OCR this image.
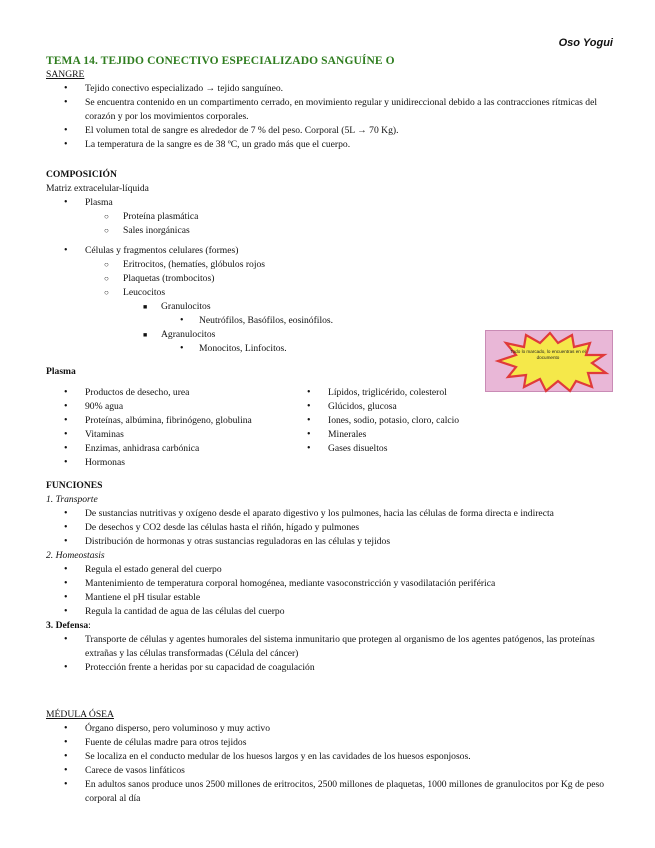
Oso Yogui
TEMA 14. TEJIDO CONECTIVO ESPECIALIZADO SANGUÍNE O
SANGRE
• Tejido conectivo especializado → tejido sanguíneo.
• Se encuentra contenido en un compartimento cerrado, en movimiento regular y unidireccional debido a las contracciones rítmicas del corazón y por los movimientos corporales.
• El volumen total de sangre es alrededor de 7 % del peso. Corporal (5L → 70 Kg).
• La temperatura de la sangre es de 38 ºC, un grado más que el cuerpo.
COMPOSICIÓN
Matriz extracelular-líquida
• Plasma
○ Proteína plasmática
○ Sales inorgánicas
• Células y fragmentos celulares (formes)
○ Eritrocitos, (hematíes, glóbulos rojos
○ Plaquetas (trombocitos)
○ Leucocitos
■ Granulocitos
• Neutrófilos, Basófilos, eosinófilos.
■ Agranulocitos
• Monocitos, Linfocitos.	Todo lo marcado, lo encuentras en el documento
Plasma
• Productos de desecho, urea
• 90% agua
• Proteínas, albúmina, fibrinógeno, globulina
• Vitaminas
• Enzimas, anhidrasa carbónica
• Hormonas
• Lípidos, triglicérido, colesterol
• Glúcidos, glucosa
• Iones, sodio, potasio, cloro, calcio
• Minerales
• Gases disueltos
FUNCIONES
1. Transporte
• De sustancias nutritivas y oxígeno desde el aparato digestivo y los pulmones, hacia las células de forma directa e indirecta
• De desechos y CO2 desde las células hasta el riñón, hígado y pulmones
• Distribución de hormonas y otras sustancias reguladoras en las células y tejidos
2. Homeostasis
• Regula el estado general del cuerpo
• Mantenimiento de temperatura corporal homogénea, mediante vasoconstricción y vasodilatación periférica
• Mantiene el pH tisular estable
• Regula la cantidad de agua de las células del cuerpo
3. Defensa:
• Transporte de células y agentes humorales del sistema inmunitario que protegen al organismo de los agentes patógenos, las proteínas extrañas y las células transformadas (Célula del cáncer)
• Protección frente a heridas por su capacidad de coagulación
MÉDULA ÓSEA
• Órgano disperso, pero voluminoso y muy activo
• Fuente de células madre para otros tejidos
• Se localiza en el conducto medular de los huesos largos y en las cavidades de los huesos esponjosos.
• Carece de vasos linfáticos
• En adultos sanos produce unos 2500 millones de eritrocitos, 2500 millones de plaquetas, 1000 millones de granulocitos por Kg de peso corporal al día
